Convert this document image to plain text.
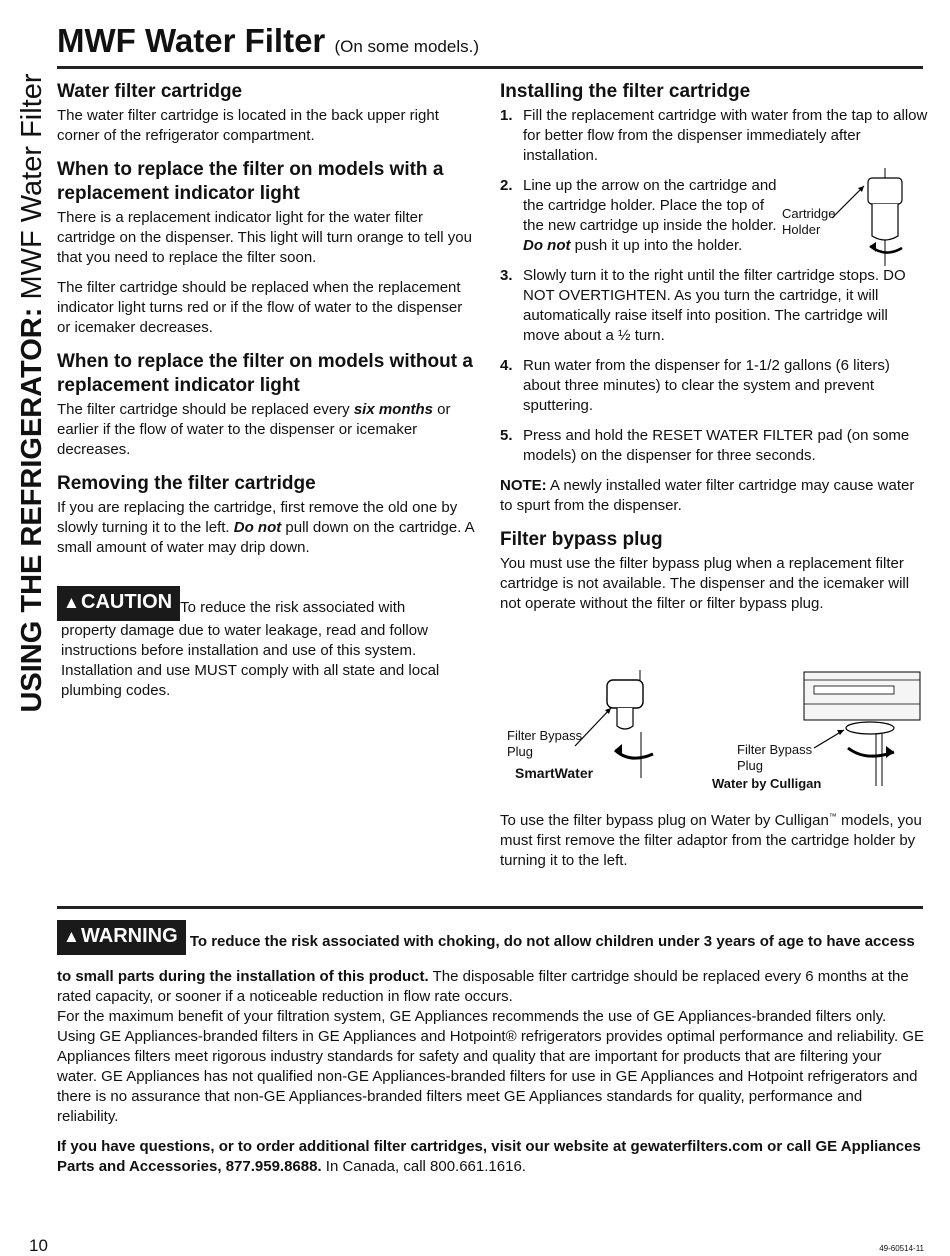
USING THE REFRIGERATOR: MWF Water Filter
MWF Water Filter (On some models.)
Water filter cartridge

The water filter cartridge is located in the back upper right corner of the refrigerator compartment.

When to replace the filter on models with a replacement indicator light

There is a replacement indicator light for the water filter cartridge on the dispenser. This light will turn orange to tell you that you need to replace the filter soon.

The filter cartridge should be replaced when the replacement indicator light turns red or if the flow of water to the dispenser
or icemaker decreases.

When to replace the filter on models without a replacement indicator light

The filter cartridge should be replaced every six months or earlier if the flow of water to the dispenser or icemaker decreases.

Removing the filter cartridge

If you are replacing the cartridge, first remove the old one by slowly turning it to the left. Do not pull down on the cartridge. A small amount of water may drip down.

▲CAUTIONTo reduce the risk associated with
property damage due to water leakage, read and follow instructions before installation and use of this system. Installation and use MUST comply with all state and local plumbing codes.
Installing the filter cartridge
1. Fill the replacement cartridge with water from the tap to allow for better flow from the dispenser immediately after installation.
2. Line up the arrow on the cartridge and the cartridge holder. Place the top of the new cartridge up inside the holder. Do not push it up into the holder.
3. Slowly turn it to the right until the filter cartridge stops. DO NOT OVERTIGHTEN. As you turn the cartridge, it will automatically raise itself into position. The cartridge will move about a ½ turn.
4. Run water from the dispenser for 1-1/2 gallons (6 liters) about three minutes) to clear the system and prevent sputtering.
5. Press and hold the RESET WATER FILTER pad (on some models) on the dispenser for three seconds.

NOTE: A newly installed water filter cartridge may cause water to spurt from the dispenser.

Filter bypass plug

You must use the filter bypass plug when a replacement filter cartridge is not available. The dispenser and the icemaker will not operate without the filter or filter bypass plug.

Cartridge
Holder
Filter Bypass
Plug
SmartWater
Filter Bypass
Plug
Water by Culligan
To use the filter bypass plug on Water by Culligan™ models, you must first remove the filter adaptor from the cartridge holder by turning it to the left.

▲WARNING To reduce the risk associated with choking, do not allow children under 3 years of age to have access to small parts during the installation of this product. The disposable filter cartridge should be replaced every 6 months at the rated capacity, or sooner if a noticeable reduction in flow rate occurs.

For the maximum benefit of your filtration system, GE Appliances recommends the use of GE Appliances-branded filters only. Using GE Appliances-branded filters in GE Appliances and Hotpoint® refrigerators provides optimal performance and reliability. GE Appliances filters meet rigorous industry standards for safety and quality that are important for products that are filtering your water. GE Appliances has not qualified non-GE Appliances-branded filters for use in GE Appliances and Hotpoint refrigerators and there is no assurance that non-GE Appliances-branded filters meet GE Appliances standards for quality, performance and reliability.

If you have questions, or to order additional filter cartridges, visit our website at gewaterfilters.com or call GE Appliances Parts and Accessories, 877.959.8688. In Canada, call 800.661.1616.

10	49-60514-11
